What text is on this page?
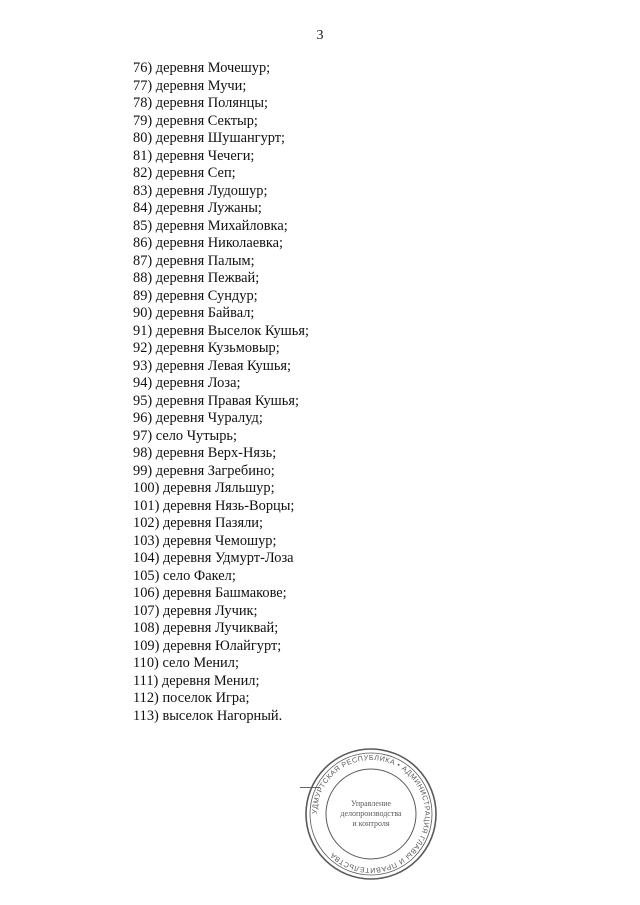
3
76) деревня Мочешур;
77) деревня Мучи;
78) деревня Полянцы;
79) деревня Сектыр;
80) деревня Шушангурт;
81) деревня Чечеги;
82) деревня Сеп;
83) деревня Лудошур;
84) деревня Лужаны;
85) деревня Михайловка;
86) деревня Николаевка;
87) деревня Палым;
88) деревня Пежвай;
89) деревня Сундур;
90) деревня Байвал;
91) деревня Выселок Кушья;
92) деревня Кузьмовыр;
93) деревня Левая Кушья;
94) деревня Лоза;
95) деревня Правая Кушья;
96) деревня Чуралуд;
97) село Чутырь;
98) деревня Верх-Нязь;
99) деревня Загребино;
100) деревня Ляльшур;
101) деревня Нязь-Ворцы;
102) деревня Пазяли;
103) деревня Чемошур;
104) деревня Удмурт-Лоза
105) село Факел;
106) деревня Башмакове;
107) деревня Лучик;
108) деревня Лучиквай;
109) деревня Юлайгурт;
110) село Менил;
111) деревня Менил;
112) поселок Игра;
113) выселок Нагорный.
УДМУРТСКАЯ РЕСПУБЛИКА • АДМИНИСТРАЦИЯ ГЛАВЫ И ПРАВИТЕЛЬСТВА
Управление делопроизводства и контроля
